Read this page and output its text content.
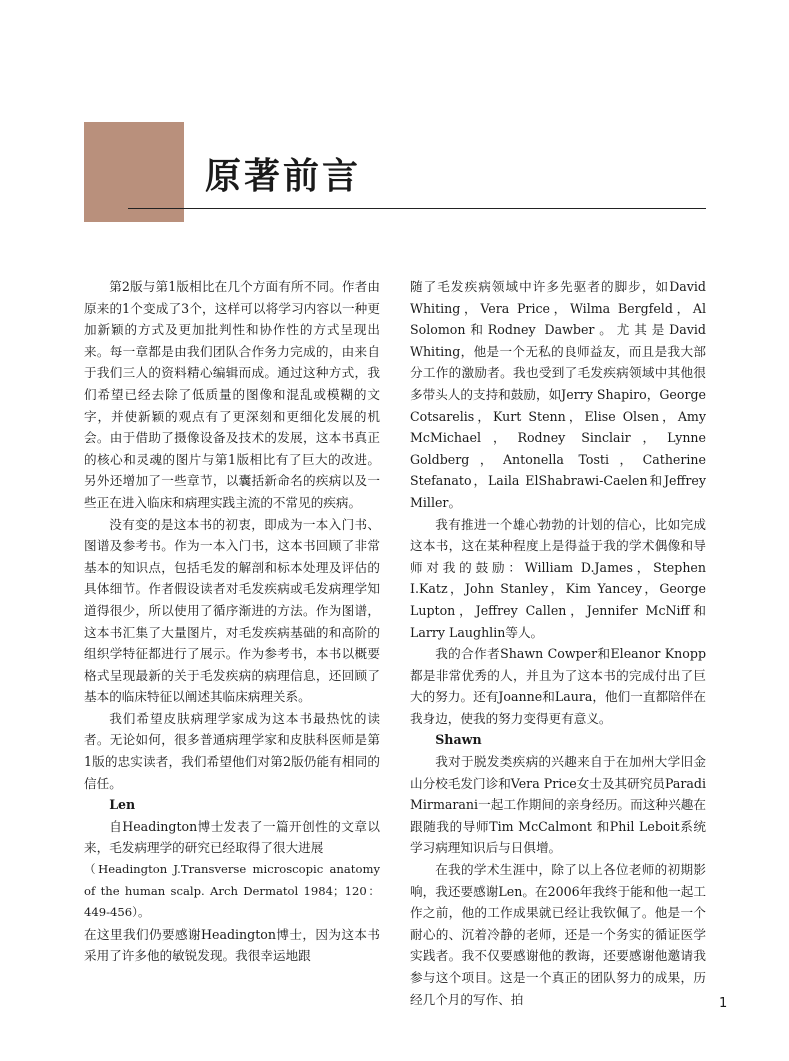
原著前言

第2版与第1版相比在几个方面有所不同。作者由原来的1个变成了3个，这样可以将学习内容以一种更加新颖的方式及更加批判性和协作性的方式呈现出来。每一章都是由我们团队合作务力完成的，由来自于我们三人的资料精心编辑而成。通过这种方式，我们希望已经去除了低质量的图像和混乱或模糊的文字，并使新颖的观点有了更深刻和更细化发展的机会。由于借助了摄像设备及技术的发展，这本书真正的核心和灵魂的图片与第1版相比有了巨大的改进。另外还增加了一些章节，以囊括新命名的疾病以及一些正在进入临床和病理实践主流的不常见的疾病。

没有变的是这本书的初衷，即成为一本入门书、图谱及参考书。作为一本入门书，这本书回顾了非常基本的知识点，包括毛发的解剖和标本处理及评估的具体细节。作者假设读者对毛发疾病或毛发病理学知道得很少，所以使用了循序渐进的方法。作为图谱，这本书汇集了大量图片，对毛发疾病基础的和高阶的组织学特征都进行了展示。作为参考书，本书以概要格式呈现最新的关于毛发疾病的病理信息，还回顾了基本的临床特征以阐述其临床病理关系。

我们希望皮肤病理学家成为这本书最热忱的读者。无论如何，很多普通病理学家和皮肤科医师是第1版的忠实读者，我们希望他们对第2版仍能有相同的信任。

Len

自Headington博士发表了一篇开创性的文章以来，毛发病理学的研究已经取得了很大进展

（Headington J.Transverse microscopic anatomy of the human scalp. Arch Dermatol 1984；120：449-456）。

在这里我们仍要感谢Headington博士，因为这本书采用了许多他的敏锐发现。我很幸运地跟

随了毛发疾病领域中许多先驱者的脚步，如David Whiting，Vera Price，Wilma Bergfeld，Al Solomon和Rodney Dawber。尤其是David Whiting，他是一个无私的良师益友，而且是我大部分工作的激励者。我也受到了毛发疾病领域中其他很多带头人的支持和鼓励，如Jerry Shapiro，George Cotsarelis，Kurt Stenn，Elise Olsen，Amy McMichael，Rodney Sinclair，Lynne Goldberg，Antonella Tosti，Catherine Stefanato，Laila ElShabrawi-Caelen和Jeffrey Miller。

我有推进一个雄心勃勃的计划的信心，比如完成这本书，这在某种程度上是得益于我的学术偶像和导师对我的鼓励：William D.James，Stephen I.Katz，John Stanley，Kim Yancey，George Lupton，Jeffrey Callen，Jennifer McNiff和Larry Laughlin等人。

我的合作者Shawn Cowper和Eleanor Knopp都是非常优秀的人，并且为了这本书的完成付出了巨大的努力。还有Joanne和Laura，他们一直都陪伴在我身边，使我的努力变得更有意义。

Shawn

我对于脱发类疾病的兴趣来自于在加州大学旧金山分校毛发门诊和Vera Price女士及其研究员Paradi Mirmarani一起工作期间的亲身经历。而这种兴趣在跟随我的导师Tim McCalmont 和Phil Leboit系统学习病理知识后与日俱增。

在我的学术生涯中，除了以上各位老师的初期影响，我还要感谢Len。在2006年我终于能和他一起工作之前，他的工作成果就已经让我钦佩了。他是一个耐心的、沉着冷静的老师，还是一个务实的循证医学实践者。我不仅要感谢他的教诲，还要感谢他邀请我参与这个项目。这是一个真正的团队努力的成果，历经几个月的写作、拍	1
